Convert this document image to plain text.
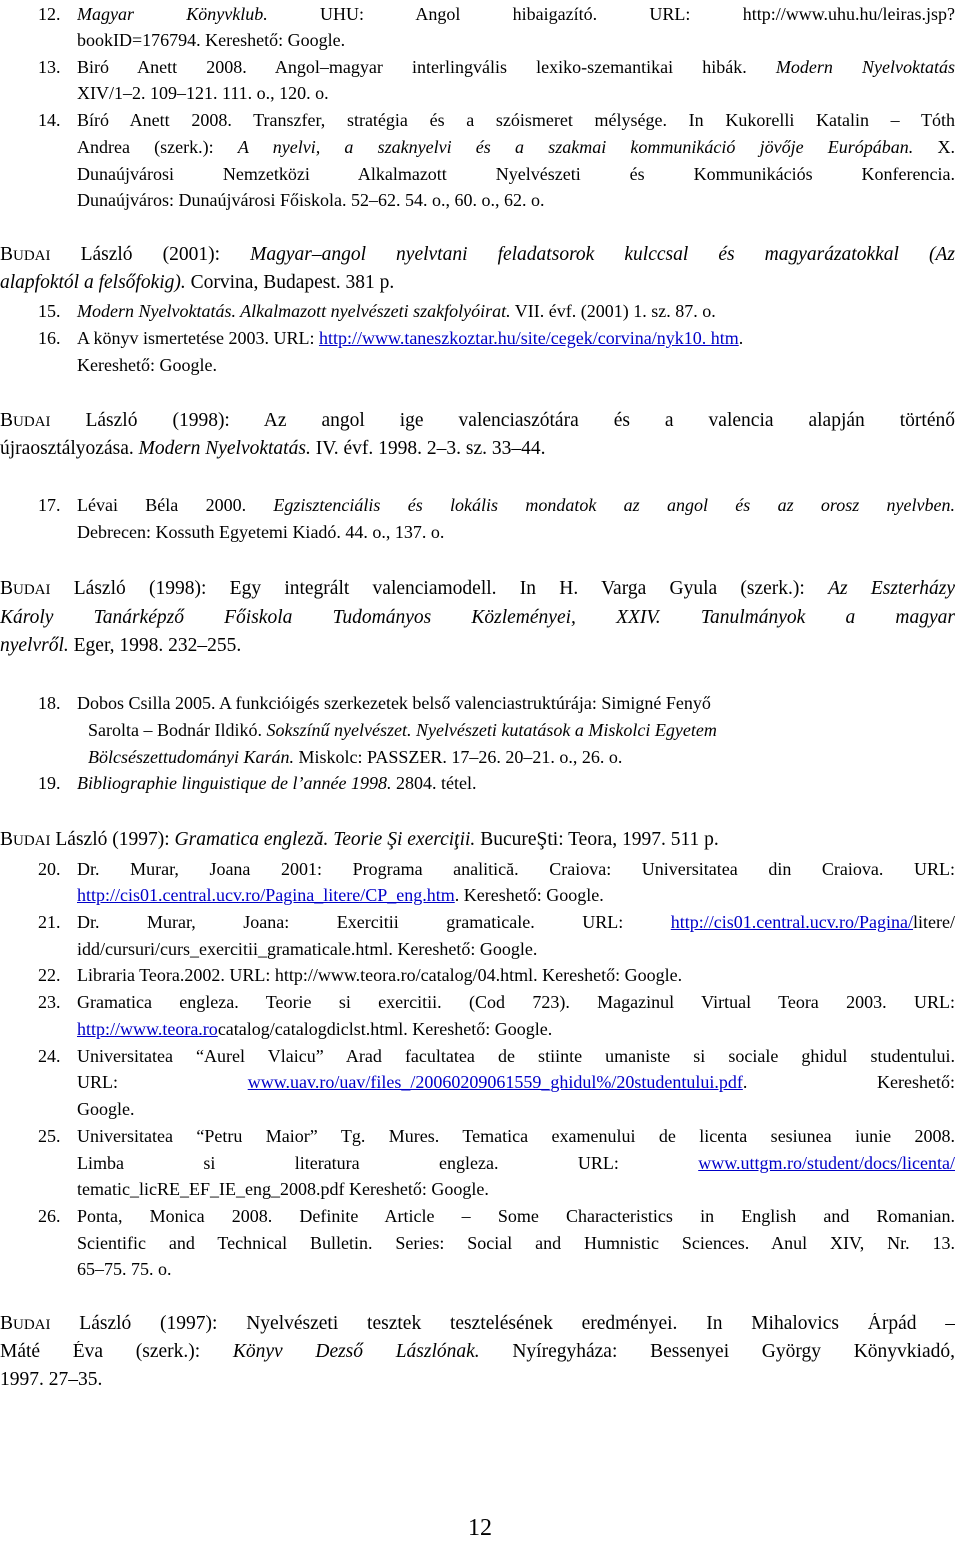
12
12. Magyar Könyvklub. UHU: Angol hibaigazító. URL: http://www.uhu.hu/leiras.jsp?
bookID=176794. Kereshető: Google.
13. Biró Anett 2008. Angol–magyar interlingvális lexiko-szemantikai hibák. Modern Nyelvoktatás
XIV/1–2. 109–121. 111. o., 120. o.
14. Bíró Anett 2008. Transzfer, stratégia és a szóismeret mélysége. In Kukorelli Katalin – Tóth
Andrea (szerk.): A nyelvi, a szaknyelvi és a szakmai kommunikáció jövője Európában. X.
Dunaújvárosi Nemzetközi Alkalmazott Nyelvészeti és Kommunikációs Konferencia.
Dunaújváros: Dunaújvárosi Főiskola. 52–62. 54. o., 60. o., 62. o.
BUDAI László (2001): Magyar–angol nyelvtani feladatsorok kulccsal és magyarázatokkal (Az
alapfoktól a felsőfokig). Corvina, Budapest. 381 p.
15. Modern Nyelvoktatás. Alkalmazott nyelvészeti szakfolyóirat. VII. évf. (2001) 1. sz. 87. o.
16. A könyv ismertetése 2003. URL: http://www.taneszkoztar.hu/site/cegek/corvina/nyk10. htm.
Kereshető: Google.
BUDAI László (1998): Az angol ige valenciaszótára és a valencia alapján történő
újraosztályozása. Modern Nyelvoktatás. IV. évf. 1998. 2–3. sz. 33–44.
17. Lévai Béla 2000. Egzisztenciális és lokális mondatok az angol és az orosz nyelvben.
Debrecen: Kossuth Egyetemi Kiadó. 44. o., 137. o.
BUDAI László (1998): Egy integrált valenciamodell. In H. Varga Gyula (szerk.): Az Eszterházy
Károly Tanárképző Főiskola Tudományos Közleményei, XXIV. Tanulmányok a magyar
nyelvről. Eger, 1998. 232–255.
18. Dobos Csilla 2005. A funkcióigés szerkezetek belső valenciastruktúrája: Simigné Fenyő
Sarolta – Bodnár Ildikó. Sokszínű nyelvészet. Nyelvészeti kutatások a Miskolci Egyetem
Bölcsészettudományi Karán. Miskolc: PASSZER. 17–26. 20–21. o., 26. o.
19. Bibliographie linguistique de l’année 1998. 2804. tétel.
BUDAI László (1997): Gramatica engleză. Teorie Şi exerciţii. BucureŞti: Teora, 1997. 511 p.
20. Dr. Murar, Joana 2001: Programa analitică. Craiova: Universitatea din Craiova. URL:
http://cis01.central.ucv.ro/Pagina_litere/CP_eng.htm. Kereshető: Google.
21. Dr. Murar, Joana: Exercitii gramaticale. URL: http://cis01.central.ucv.ro/Pagina/litere/
idd/cursuri/curs_exercitii_gramaticale.html. Kereshető: Google.
22. Libraria Teora.2002. URL: http://www.teora.ro/catalog/04.html. Kereshető: Google.
23. Gramatica engleza. Teorie si exercitii. (Cod 723). Magazinul Virtual Teora 2003. URL:
http://www.teora.rocatalog/catalogdiclst.html. Kereshető: Google.
24. Universitatea “Aurel Vlaicu” Arad facultatea de stiinte umaniste si sociale ghidul studentului.
URL: www.uav.ro/uav/files_/20060209061559_ghidul%/20studentului.pdf. Kereshető:
Google.
25. Universitatea “Petru Maior” Tg. Mures. Tematica examenului de licenta sesiunea iunie 2008.
Limba si literatura engleza. URL: www.uttgm.ro/student/docs/licenta/
tematic_licRE_EF_IE_eng_2008.pdf Kereshető: Google.
26. Ponta, Monica 2008. Definite Article – Some Characteristics in English and Romanian.
Scientific and Technical Bulletin. Series: Social and Humnistic Sciences. Anul XIV, Nr. 13.
65–75. 75. o.
BUDAI László (1997): Nyelvészeti tesztek tesztelésének eredményei. In Mihalovics Árpád –
Máté Éva (szerk.): Könyv Dezső Lászlónak. Nyíregyháza: Bessenyei György Könyvkiadó,
1997. 27–35.
